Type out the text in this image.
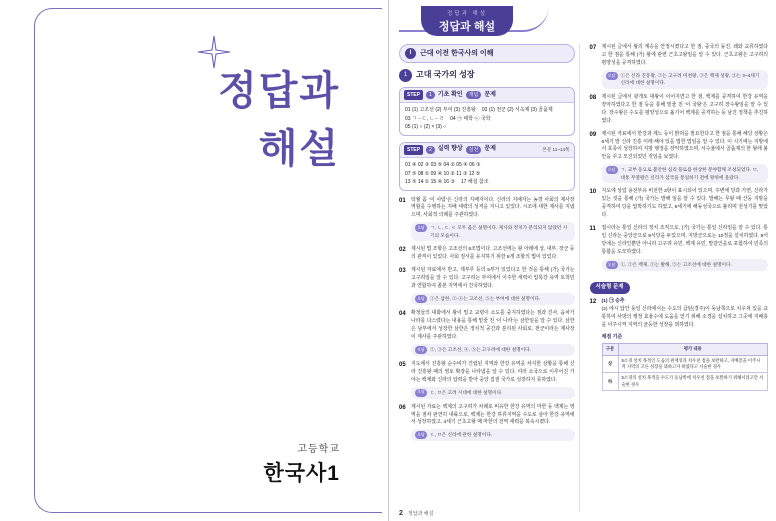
정답과
해설
고등학교
한국사1
정답과 해설
정답과 해설
I	근대 이전 한국사의 이해
1	고대 국가의 성장
STEP	1	기초 확인	개념	문제
01 (1) 고조선 (2) 부여 (3) 진흥왕 02 (1) 천군 (2) 서옥제 (3) 골품제
03 ㄱ－ㄷ, ㄴ－ㄹ 04 ㉠ 태학 ㉡ 국학
05 (1) ○ (2) × (3) ○
STEP	2	실력 향상	실전	문제	본문 11~14쪽
01 ④ 02 ③ 03 ⑤ 04 ② 05 ④ 06 ③
07 ⑤ 08 ① 09 ④ 10 ② 11 ③ 12 ⑤
13 ⑤ 14 ① 15 ④ 16 ③ 17 해설 참조
01	탁월 꼼 ‘이 사람’은 신라의 지배자이다. 신라의 지배자는 농경 사회의 제사장 역할을 수행하는 지배 세력의 성격을 지니고 있었다. 시조에 대한 제사를 지냈으며, 사회적 의례를 주관하였다.
오답	ㄱ, ㄴ, ㄷ, ㄹ 모두 옳은 설명이다. 제사와 정치가 분리되지 않았던 시기의 모습이다.
02	제시된 법 조항은 고조선의 8조법이다. 고조선에는 왕 아래에 상, 대부, 장군 등의 관직이 있었다. 사회 질서를 유지하기 위한 8개 조항의 법이 있었다.
03	제시된 자료에서 반고, 제부루 등의 5부가 있었다고 한 것을 통해 (가) 국가는 고구려임을 알 수 있다. 고구려는 부여에서 이주한 세력이 압록강 유역 토착민과 연합하여 졸본 지역에서 건국하였다.
오답	①은 삼한, ②·④는 고조선, ⑤는 부여에 대한 설명이다.
04	확정들의 대화에서 왕이 밀고 교령이 소도를 중지하였다는 점과 진사, 읍차가 나라를 다스렸다는 내용을 통해 밑줄 친 ‘이 나라’는 삼한임을 알 수 있다. 삼한은 남부에서 성장한 삼한은 정치적 공간과 분리된 사회로, 천군이라는 제사장이 제사를 주관하였다.
오답	②, ③은 고조선, ④, ⑤는 고구려에 대한 설명이다.
05	지도에서 진흥왕 순수비가 건립된 지역과 한강 유역을 차지한 상황을 통해 신라 진흥왕 때의 영토 확장을 나타냄을 알 수 있다. 여러 소국으로 이루어진 가야는 백제와 신라의 압력을 받아 중앙 집권 국가로 성장하지 못하였다.
오답	ㄷ, ㅁ은 고려 시대에 대한 설명이다.
06	제시된 자료는 백제의 고구려가 차례로 비유한 한강 유역의 마한 등 백제는 영역을 점차 판연히 내륙으로, 백제는 한강 하류지역을 수도로 삼아 한강 유역에서 성장하였고, 4세기 근초고왕 때 마한의 전역 세력을 복속시켰다.
오답	ㄷ, ㅁ은 신라에 관한 설명이다.
07	제시된 글에서 왕의 계승을 안정시켰다고 한 점, 중국의 동진, 왜와 교류하였다고 한 점을 통해 (가) 왕에 관련 근초고왕임을 알 수 있다. 근초고왕은 고구려의 평양성을 공격하였다.
오답	①은 신라 진흥왕, ②는 고구려 미천왕, ③은 백제 성왕, ⑤는 3~4세기 신라에 대한 설명이다.
08	제시된 글에서 광개토 대왕이 이어지면고 한 점, 백제를 공격하여 한강 유역을 장악하였다고 한 점 등을 통해 밑줄 친 ‘이 국왕’은 고구려 장수왕임을 알 수 있다. 장수왕은 수도를 평양성으로 옮기어 백제를 공격하는 등 남진 정책을 추진하였다.
09	제시된 자료에서 한강과 제노 등이 밝혀을 필요한다고 한 점을 통해 해당 상황은 6세기 말 신라 진흥 이래 해야 있을 법한 법임을 알 수 있다. 이 시기에는 지방에서 호족이 성장하여 지방 행정을 장악하였으며, 서수율에서 골품제의 한 형태 불안을 꾸고 모진되었던 것임을 보였다.
오답	ㄱ, 교부 동요로 불안한 심리 풍토를 한상한 분야함께 조성되었다. ㅁ, 대통 무열왕은 신라가 삼국을 통일하기 전에 왕위에 올랐다.
10	지도에 상업 용전부유 비전한 3항이 표시되어 있으며, 주변에 당과 가면, 신라가 있는 것을 통해 (가) 국가는 발해 임을 알 수 있다. 발해는 무왕 때 산둥 지방을 공격하여 당을 압박하기도 하였고, 9세기에 해동성국으로 불리며 전성기를 맞았다.
11	접시라는 통일 신라의 정치 조직으로, (가) 국가는 통일 신라임을 알 수 있다. 통일 신라는 중앙군으로 9서당을 두었으며, 지방군으로는 10정을 설치하였다. 9서당에는 신라인뿐만 아니라 고구려 유민, 백제 유민, 말갈인을로 포함하여 민족의 통합을 도모하였다.
오답	①, ②은 백제, ③는 발해, ⑤는 고조선에 대한 설명이다.
서술형 문제
12	(1) ㉠ 승추
(2) 에시 답안 동일 신라에서는 수도의 급된(경주)이 동남쪽으로 치우쳐 있을 교통하여 사방의 행정 효율수에 도움을 얻기 위해 소경을 설치하고 그곳에 지배층을 이주시켜 지역의 균등한 성장을 꾀하였다.
채점 기준
구분	평가 내용
상	5소경 설치 목적인 도읍의 편재성과 치우친 점을 보완하고, 지배층을 이주시켜 지역의 고른 성장을 꾀하고자 하였다고 서술한 경우
하	5소경의 설치 목적을 수도가 동남쪽에 치우친 점을 보완하기 위해서라고만 서술한 경우
2 정답과 해설
